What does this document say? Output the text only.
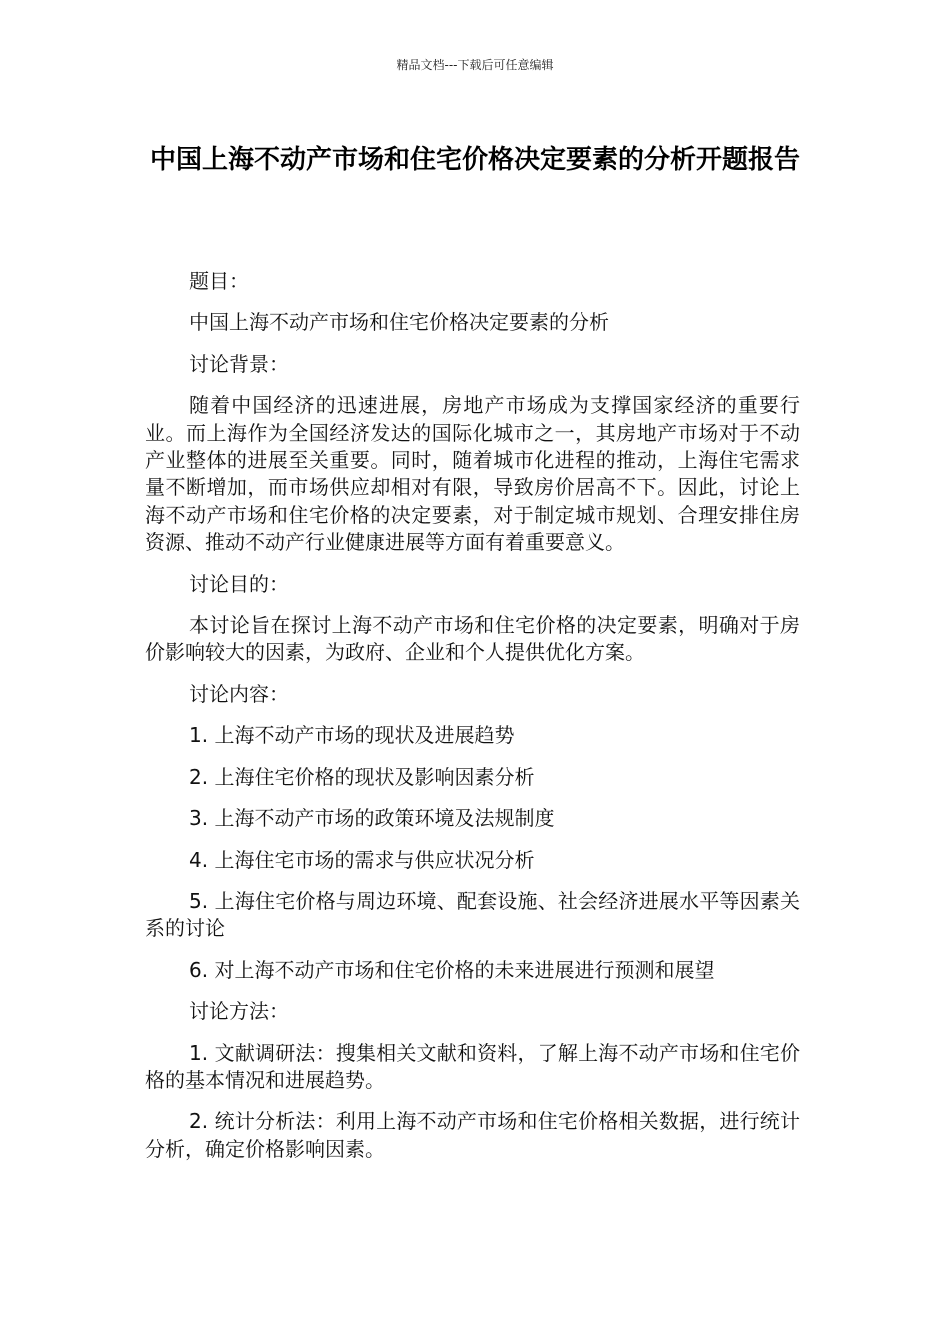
精品文档---下载后可任意编辑
中国上海不动产市场和住宅价格决定要素的分析开题报告

题目：

中国上海不动产市场和住宅价格决定要素的分析

讨论背景：

随着中国经济的迅速进展，房地产市场成为支撑国家经济的重要行业。而上海作为全国经济发达的国际化城市之一，其房地产市场对于不动产业整体的进展至关重要。同时，随着城市化进程的推动，上海住宅需求量不断增加，而市场供应却相对有限，导致房价居高不下。因此，讨论上海不动产市场和住宅价格的决定要素，对于制定城市规划、合理安排住房资源、推动不动产行业健康进展等方面有着重要意义。

讨论目的：

本讨论旨在探讨上海不动产市场和住宅价格的决定要素，明确对于房价影响较大的因素，为政府、企业和个人提供优化方案。

讨论内容：

1. 上海不动产市场的现状及进展趋势

2. 上海住宅价格的现状及影响因素分析

3. 上海不动产市场的政策环境及法规制度

4. 上海住宅市场的需求与供应状况分析

5. 上海住宅价格与周边环境、配套设施、社会经济进展水平等因素关系的讨论

6. 对上海不动产市场和住宅价格的未来进展进行预测和展望

讨论方法：

1. 文献调研法：搜集相关文献和资料，了解上海不动产市场和住宅价格的基本情况和进展趋势。

2. 统计分析法：利用上海不动产市场和住宅价格相关数据，进行统计分析，确定价格影响因素。
